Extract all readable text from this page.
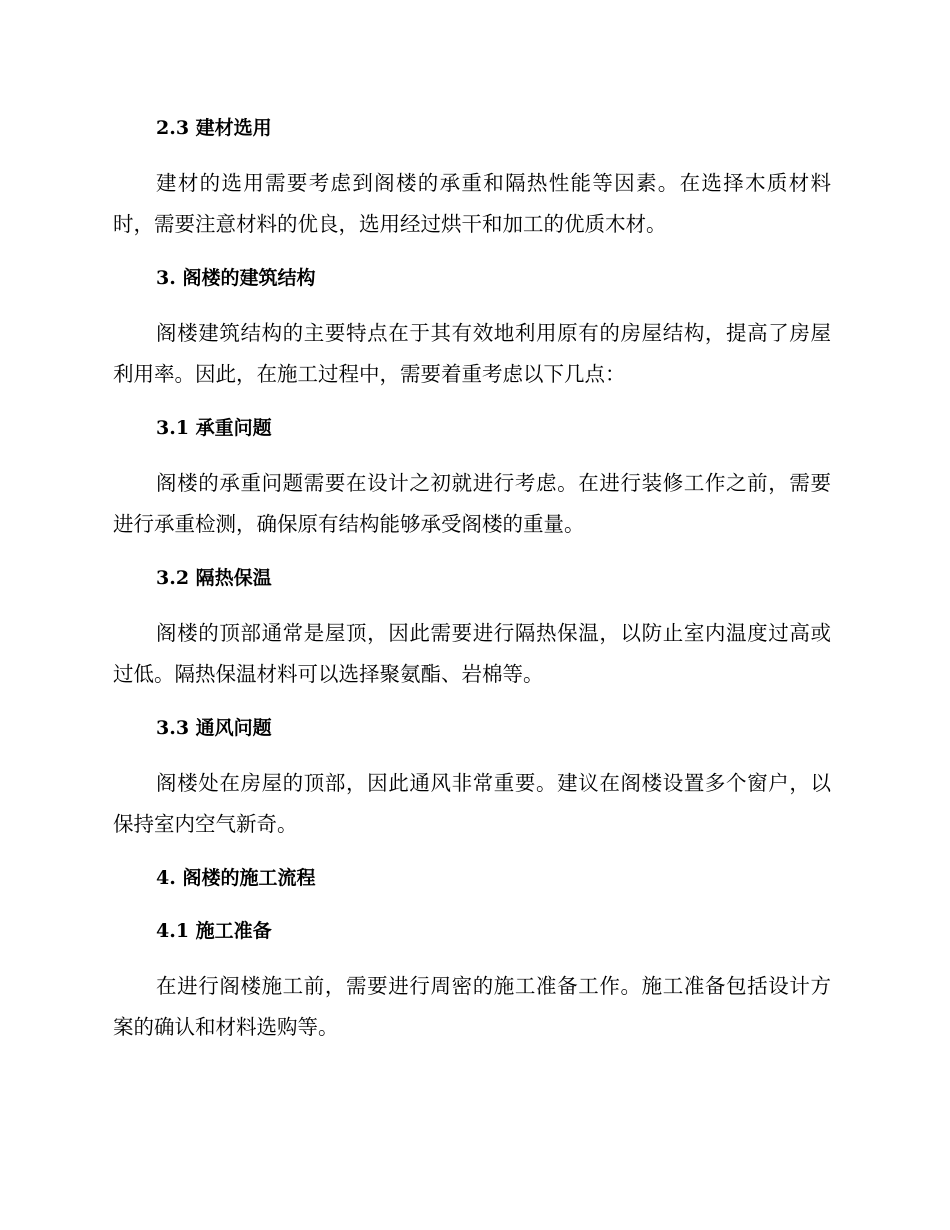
2.3 建材选用

建材的选用需要考虑到阁楼的承重和隔热性能等因素。在选择木质材料时，需要注意材料的优良，选用经过烘干和加工的优质木材。

3. 阁楼的建筑结构

阁楼建筑结构的主要特点在于其有效地利用原有的房屋结构，提高了房屋利用率。因此，在施工过程中，需要着重考虑以下几点：

3.1 承重问题

阁楼的承重问题需要在设计之初就进行考虑。在进行装修工作之前，需要进行承重检测，确保原有结构能够承受阁楼的重量。

3.2 隔热保温

阁楼的顶部通常是屋顶，因此需要进行隔热保温，以防止室内温度过高或过低。隔热保温材料可以选择聚氨酯、岩棉等。

3.3 通风问题

阁楼处在房屋的顶部，因此通风非常重要。建议在阁楼设置多个窗户，以保持室内空气新奇。

4. 阁楼的施工流程
4.1 施工准备

在进行阁楼施工前，需要进行周密的施工准备工作。施工准备包括设计方案的确认和材料选购等。
